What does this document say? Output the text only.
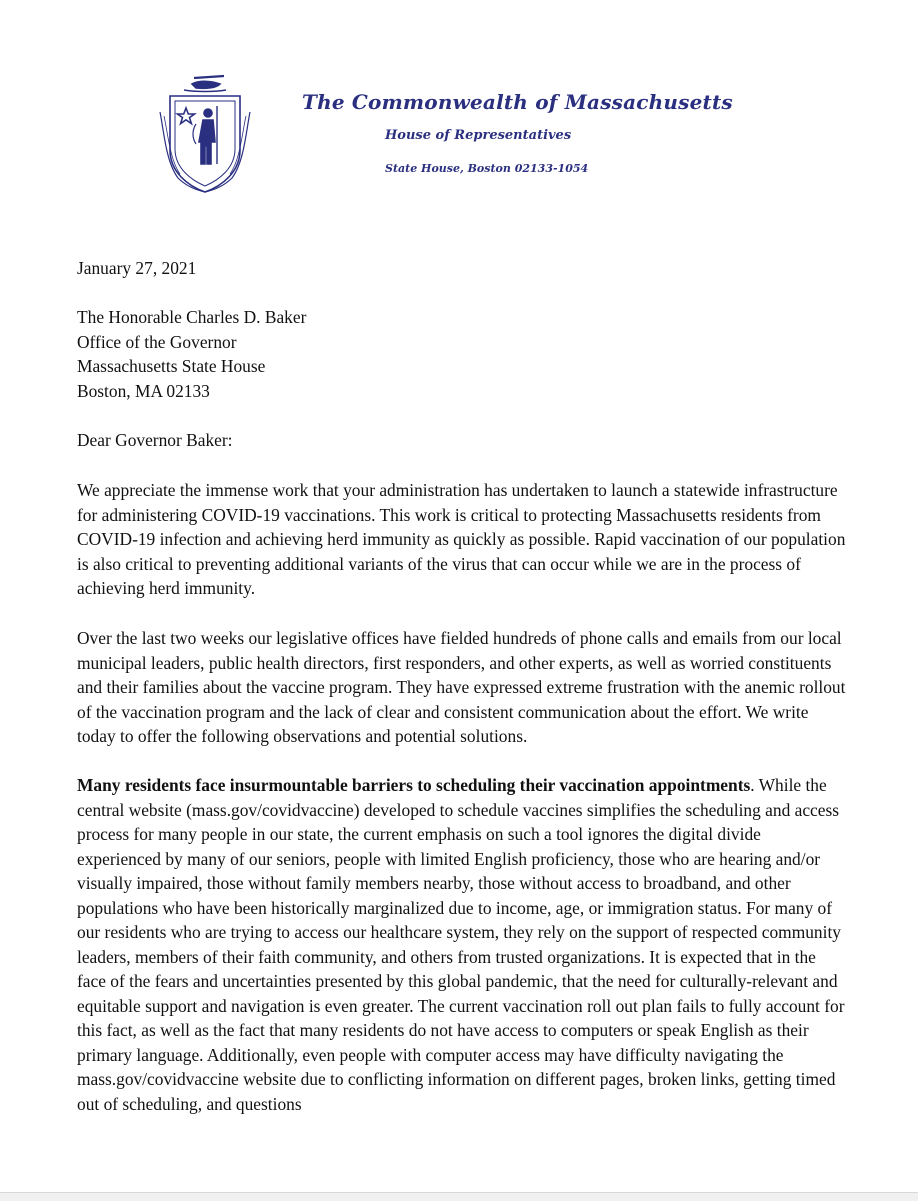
The Commonwealth of Massachusetts
House of Representatives
State House, Boston 02133-1054
January 27, 2021
The Honorable Charles D. Baker
Office of the Governor
Massachusetts State House
Boston, MA 02133
Dear Governor Baker:

We appreciate the immense work that your administration has undertaken to launch a statewide infrastructure for administering COVID-19 vaccinations. This work is critical to protecting Massachusetts residents from COVID-19 infection and achieving herd immunity as quickly as possible. Rapid vaccination of our population is also critical to preventing additional variants of the virus that can occur while we are in the process of achieving herd immunity.

Over the last two weeks our legislative offices have fielded hundreds of phone calls and emails from our local municipal leaders, public health directors, first responders, and other experts, as well as worried constituents and their families about the vaccine program. They have expressed extreme frustration with the anemic rollout of the vaccination program and the lack of clear and consistent communication about the effort. We write today to offer the following observations and potential solutions.

Many residents face insurmountable barriers to scheduling their vaccination appointments. While the central website (mass.gov/covidvaccine) developed to schedule vaccines simplifies the scheduling and access process for many people in our state, the current emphasis on such a tool ignores the digital divide experienced by many of our seniors, people with limited English proficiency, those who are hearing and/or visually impaired, those without family members nearby, those without access to broadband, and other populations who have been historically marginalized due to income, age, or immigration status. For many of our residents who are trying to access our healthcare system, they rely on the support of respected community leaders, members of their faith community, and others from trusted organizations. It is expected that in the face of the fears and uncertainties presented by this global pandemic, that the need for culturally-relevant and equitable support and navigation is even greater. The current vaccination roll out plan fails to fully account for this fact, as well as the fact that many residents do not have access to computers or speak English as their primary language. Additionally, even people with computer access may have difficulty navigating the mass.gov/covidvaccine website due to conflicting information on different pages, broken links, getting timed out of scheduling, and questions
